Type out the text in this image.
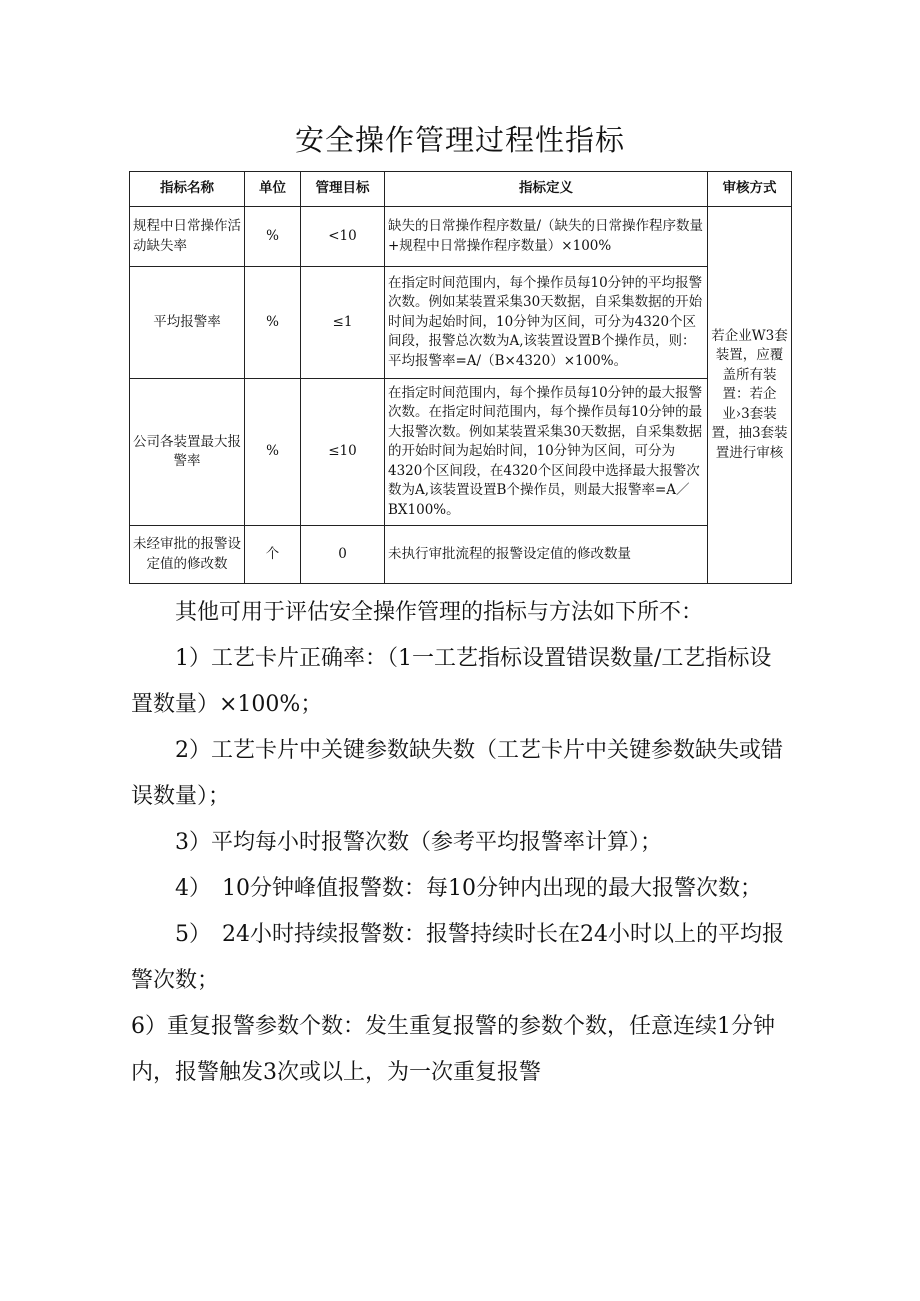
安全操作管理过程性指标
指标名称	单位	管理目标	指标定义	审核方式
规程中日常操作活动缺失率	%	<10	缺失的日常操作程序数量/（缺失的日常操作程序数量+规程中日常操作程序数量）×100%	若企业W3套装置，应覆盖所有装置：若企业›3套装置，抽3套装置进行审核
平均报警率	%	≤1	在指定时间范围内，每个操作员每10分钟的平均报警次数。例如某装置采集30天数据，自采集数据的开始时间为起始时间，10分钟为区间，可分为4320个区间段，报警总次数为A,该装置设置B个操作员，则：平均报警率=A/（B×4320）×100%。	
公司各装置最大报警率	%	≤10	在指定时间范围内，每个操作员每10分钟的最大报警次数。在指定时间范围内，每个操作员每10分钟的最大报警次数。例如某装置采集30天数据，自采集数据的开始时间为起始时间，10分钟为区间，可分为4320个区间段，在4320个区间段中选择最大报警次数为A,该装置设置B个操作员，则最大报警率=A／BX100%。	
未经审批的报警设定值的修改数	个	0	未执行审批流程的报警设定值的修改数量	

其他可用于评估安全操作管理的指标与方法如下所不：

1）工艺卡片正确率：（1一工艺指标设置错误数量/工艺指标设置数量）×100%；

2）工艺卡片中关键参数缺失数（工艺卡片中关键参数缺失或错误数量）；

3）平均每小时报警次数（参考平均报警率计算）；

4）　10分钟峰值报警数：每10分钟内出现的最大报警次数；

5）　24小时持续报警数：报警持续时长在24小时以上的平均报警次数；

6）重复报警参数个数：发生重复报警的参数个数，任意连续1分钟内，报警触发3次或以上，为一次重复报警
